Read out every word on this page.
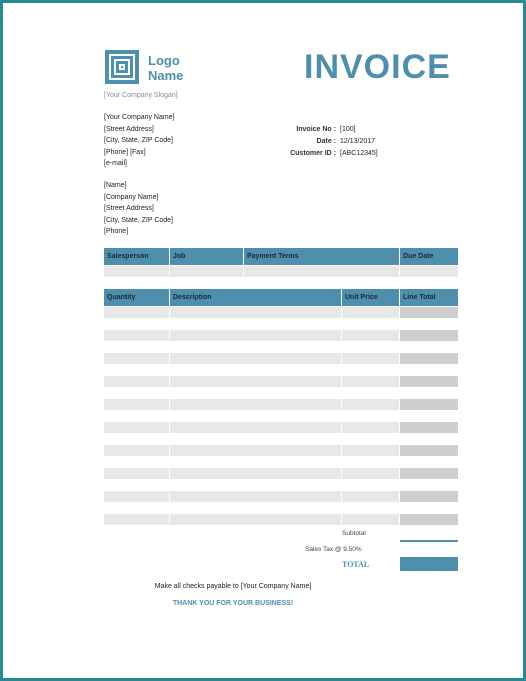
Logo
Name	INVOICE
[Your Company Slogan]
[Your Company Name]
[Street Address]
[City, State, ZIP Code]
[Phone] [Fax]
[e-mail]
Invoice No : [100]
Date : 12/13/2017
Customer ID : [ABC12345]
[Name]
[Company Name]
[Street Address]
[City, State, ZIP Code]
[Phone]
Salesperson	Job	Payment Terms	Due Date
Quantity	Description	Unit Price	Line Total
Subtotal
Sales Tax @ 9.50%
TOTAL
Make all checks payable to [Your Company Name]
THANK YOU FOR YOUR BUSINESS!
